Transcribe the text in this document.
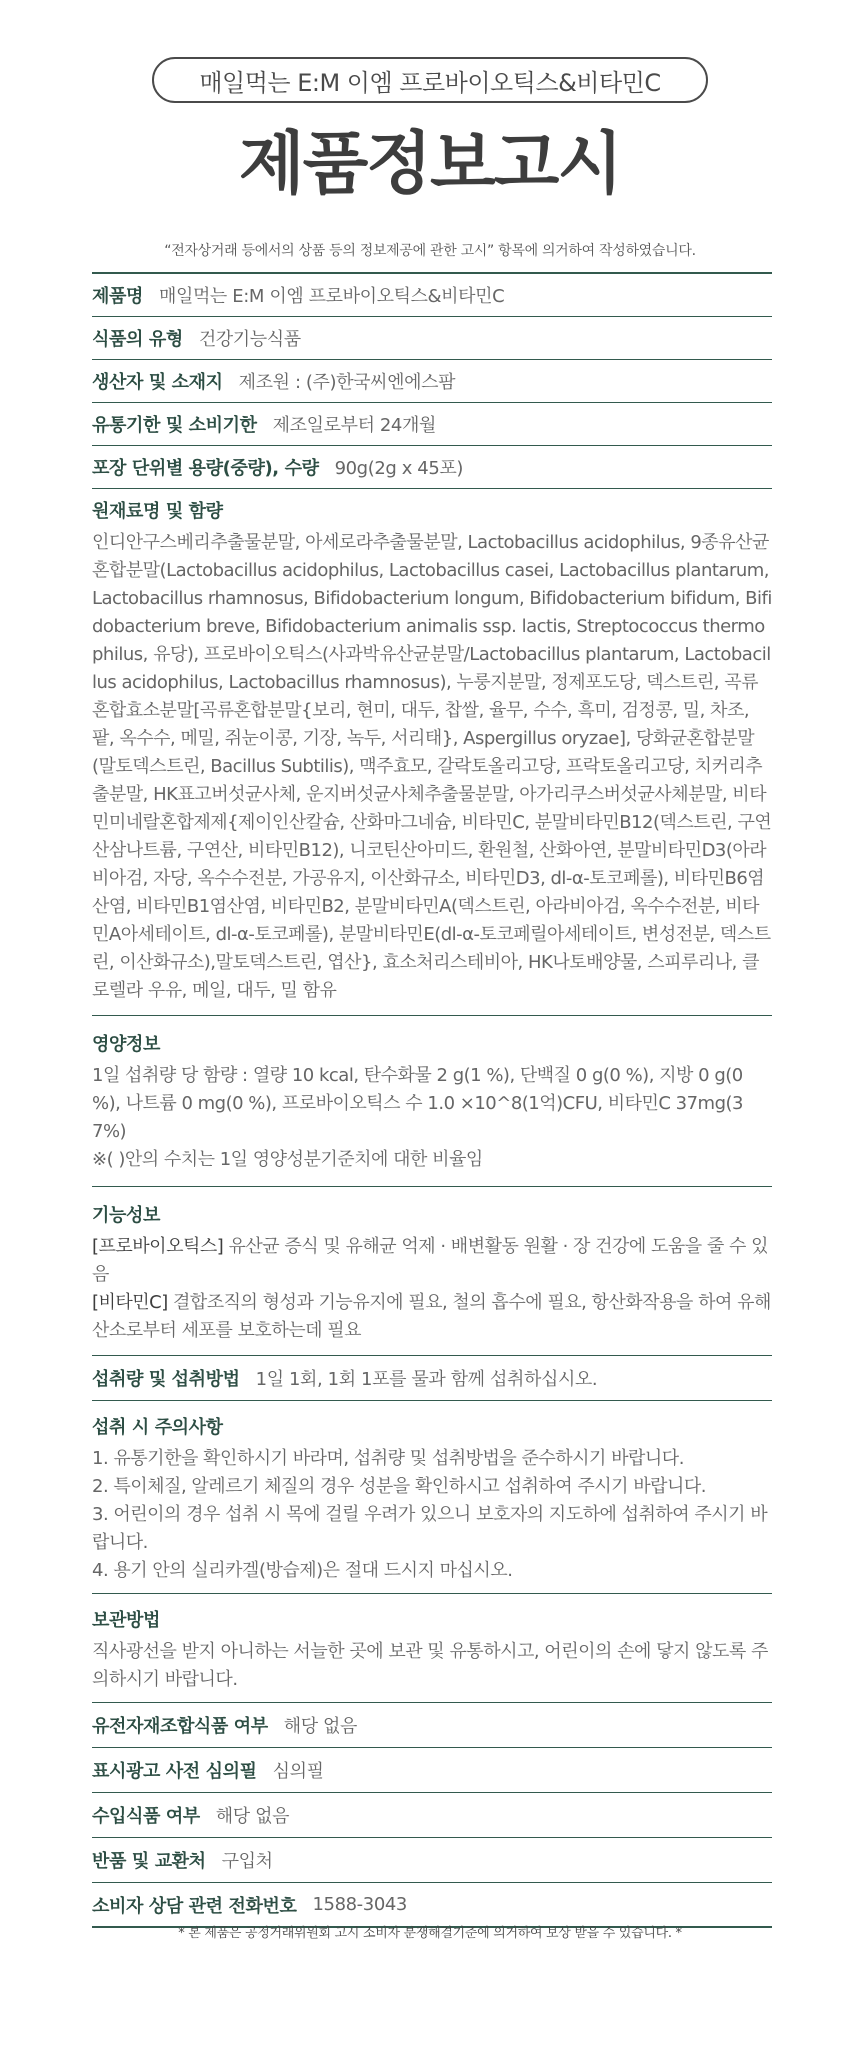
매일먹는 E:M 이엠 프로바이오틱스&비타민C
제품정보고시
“전자상거래 등에서의 상품 등의 정보제공에 관한 고시” 항목에 의거하여 작성하였습니다.
제품명 매일먹는 E:M 이엠 프로바이오틱스&비타민C
식품의 유형 건강기능식품
생산자 및 소재지 제조원 : (주)한국씨엔에스팜
유통기한 및 소비기한 제조일로부터 24개월
포장 단위별 용량(중량), 수량 90g(2g x 45포)
원재료명 및 함량
인디안구스베리추출물분말, 아세로라추출물분말, Lactobacillus acidophilus, 9종유산균혼합분말(Lactobacillus acidophilus, Lactobacillus casei, Lactobacillus plantarum, Lactobacillus rhamnosus, Bifidobacterium longum, Bifidobacterium bifidum, Bifidobacterium breve, Bifidobacterium animalis ssp. lactis, Streptococcus thermophilus, 유당), 프로바이오틱스(사과박유산균분말/Lactobacillus plantarum, Lactobacillus acidophilus, Lactobacillus rhamnosus), 누룽지분말, 정제포도당, 덱스트린, 곡류혼합효소분말[곡류혼합분말{보리, 현미, 대두, 찹쌀, 율무, 수수, 흑미, 검정콩, 밀, 차조, 팥, 옥수수, 메밀, 쥐눈이콩, 기장, 녹두, 서리태}, Aspergillus oryzae], 당화균혼합분말(말토덱스트린, Bacillus Subtilis), 맥주효모, 갈락토올리고당, 프락토올리고당, 치커리추출분말, HK표고버섯균사체, 운지버섯균사체추출물분말, 아가리쿠스버섯균사체분말, 비타민미네랄혼합제제{제이인산칼슘, 산화마그네슘, 비타민C, 분말비타민B12(덱스트린, 구연산삼나트륨, 구연산, 비타민B12), 니코틴산아미드, 환원철, 산화아연, 분말비타민D3(아라비아검, 자당, 옥수수전분, 가공유지, 이산화규소, 비타민D3, dl-α-토코페롤), 비타민B6염산염, 비타민B1염산염, 비타민B2, 분말비타민A(덱스트린, 아라비아검, 옥수수전분, 비타민A아세테이트, dl-α-토코페롤), 분말비타민E(dl-α-토코페릴아세테이트, 변성전분, 덱스트린, 이산화규소),말토덱스트린, 엽산}, 효소처리스테비아, HK나토배양물, 스피루리나, 클로렐라 우유, 메일, 대두, 밀 함유
영양정보

1일 섭취량 당 함량 : 열량 10 kcal, 탄수화물 2 g(1 %), 단백질 0 g(0 %), 지방 0 g(0 %), 나트륨 0 mg(0 %), 프로바이오틱스 수 1.0 ×10^8(1억)CFU, 비타민C 37mg(37%)

※( )안의 수치는 1일 영양성분기준치에 대한 비율임

기능성보

[프로바이오틱스] 유산균 증식 및 유해균 억제 · 배변활동 원활 · 장 건강에 도움을 줄 수 있음

[비타민C] 결합조직의 형성과 기능유지에 필요, 철의 흡수에 필요, 항산화작용을 하여 유해산소로부터 세포를 보호하는데 필요

섭취량 및 섭취방법 1일 1회, 1회 1포를 물과 함께 섭취하십시오.
섭취 시 주의사항

1. 유통기한을 확인하시기 바라며, 섭취량 및 섭취방법을 준수하시기 바랍니다.

2. 특이체질, 알레르기 체질의 경우 성분을 확인하시고 섭취하여 주시기 바랍니다.

3. 어린이의 경우 섭취 시 목에 걸릴 우려가 있으니 보호자의 지도하에 섭취하여 주시기 바랍니다.

4. 용기 안의 실리카겔(방습제)은 절대 드시지 마십시오.

보관방법
직사광선을 받지 아니하는 서늘한 곳에 보관 및 유통하시고, 어린이의 손에 닿지 않도록 주의하시기 바랍니다.
유전자재조합식품 여부 해당 없음
표시광고 사전 심의필 심의필
수입식품 여부 해당 없음
반품 및 교환처 구입처
소비자 상담 관련 전화번호 1588-3043
* 본 제품은 공정거래위원회 고시 소비자 분쟁해결기준에 의거하여 보상 받을 수 있습니다. *
